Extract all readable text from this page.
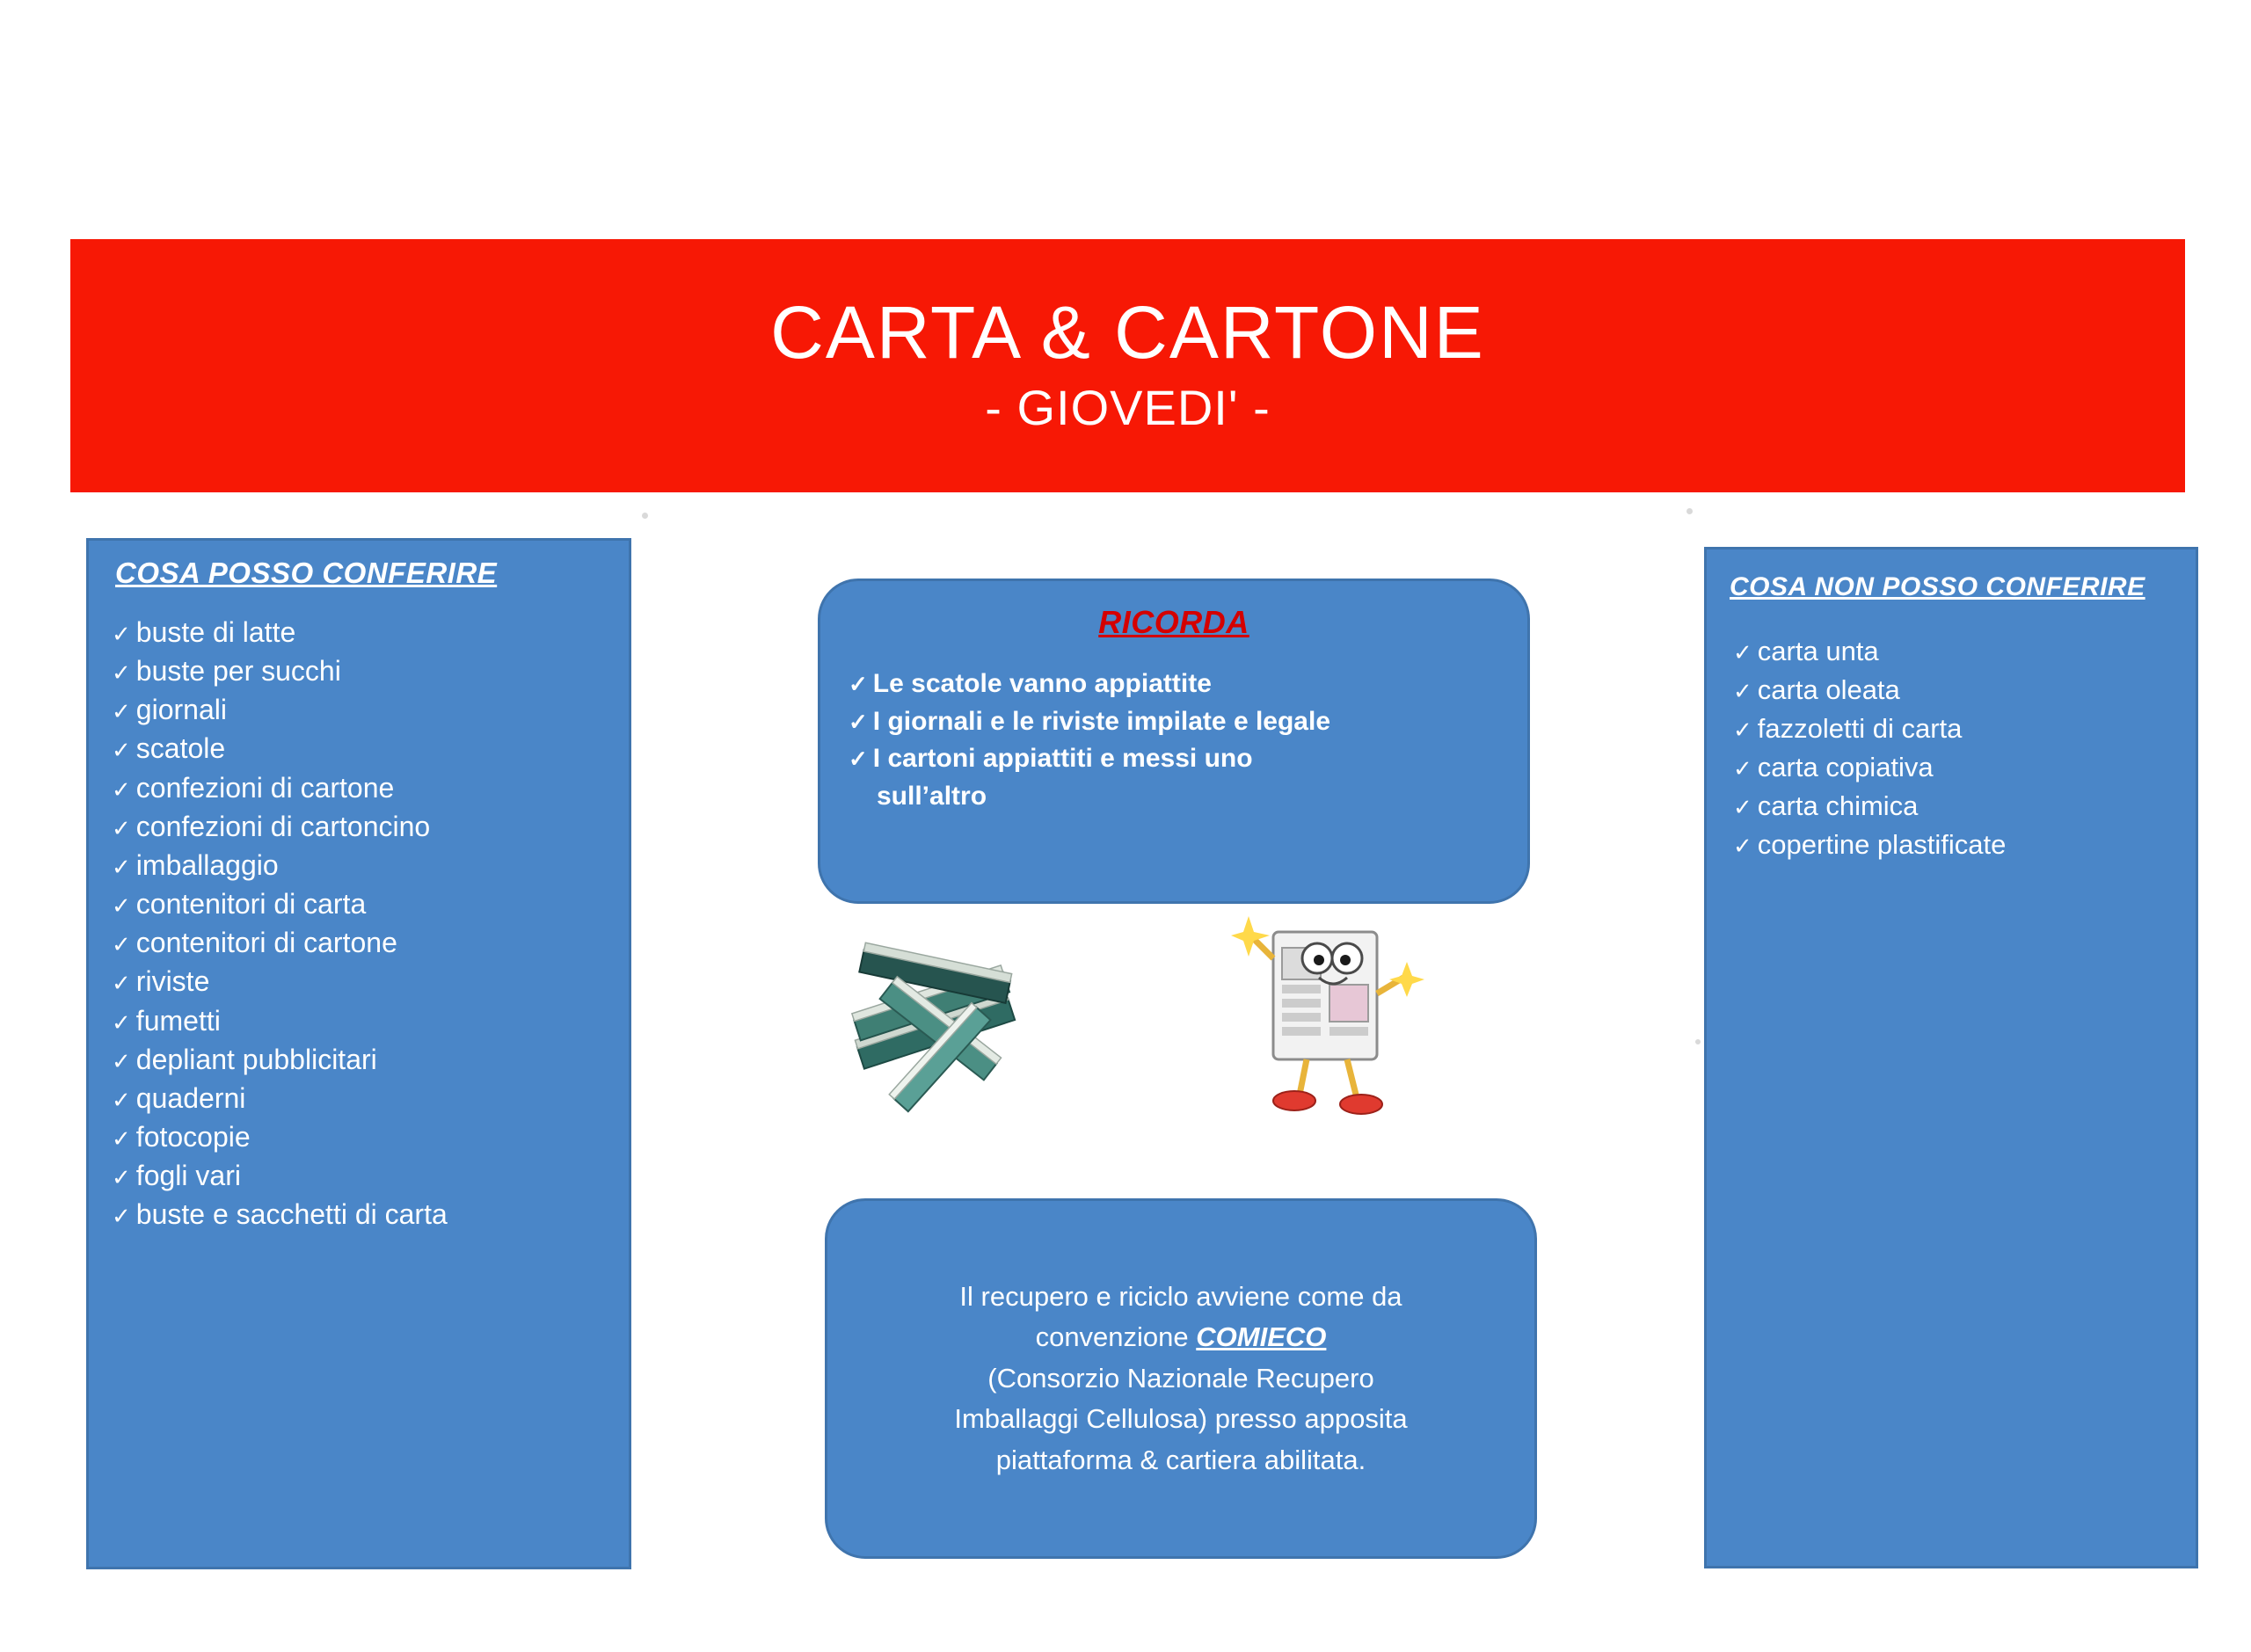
CARTA & CARTONE
- GIOVEDI' -
COSA POSSO CONFERIRE
✓ buste di latte
✓ buste per succhi
✓ giornali
✓ scatole
✓ confezioni di cartone
✓ confezioni di cartoncino
✓ imballaggio
✓ contenitori di carta
✓ contenitori di cartone
✓ riviste
✓ fumetti
✓ depliant pubblicitari
✓ quaderni
✓ fotocopie
✓ fogli vari
✓ buste e sacchetti di carta
COSA NON POSSO CONFERIRE
✓ carta unta
✓ carta oleata
✓ fazzoletti di carta
✓ carta copiativa
✓ carta chimica
✓ copertine plastificate
RICORDA
✓ Le scatole vanno appiattite
✓ I giornali e le riviste impilate e legale
✓ I cartoni appiattiti e messi uno
sull’altro
Il recupero e riciclo avviene come da
convenzione COMIECO
(Consorzio Nazionale Recupero
Imballaggi Cellulosa) presso apposita
piattaforma & cartiera abilitata.
